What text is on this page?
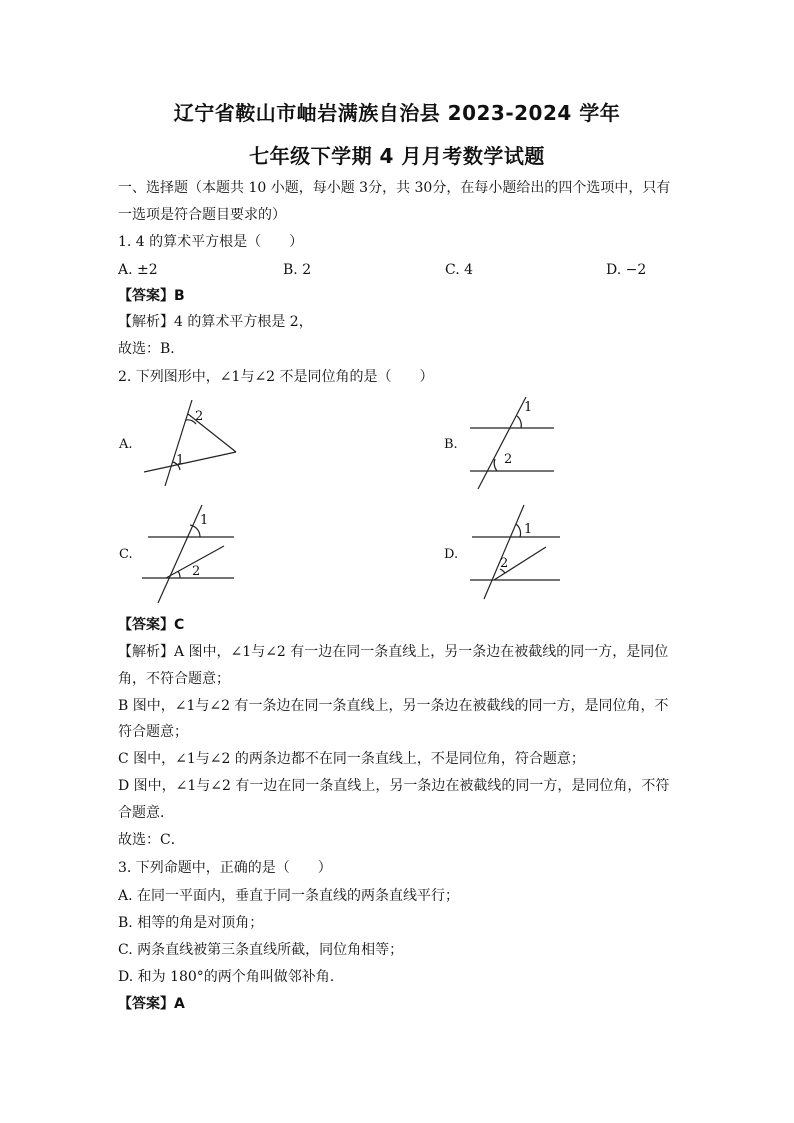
辽宁省鞍山市岫岩满族自治县 2023-2024 学年
七年级下学期 4 月月考数学试题
一、选择题（本题共 10 小题，每小题 3分，共 30分，在每小题给出的四个选项中，只有
一选项是符合题目要求的）
1. 4 的算术平方根是（　　）
A. ±2	B. 2	C. 4	D. −2
【答案】B
【解析】4 的算术平方根是 2，
故选：B．
2. 下列图形中，∠1与∠2 不是同位角的是（　　）
A.
2
1
B.
1
2
C.
1
2
D.
1
2
【答案】C
【解析】A 图中，∠1与∠2 有一边在同一条直线上，另一条边在被截线的同一方，是同位
角，不符合题意；
B 图中，∠1与∠2 有一条边在同一条直线上，另一条边在被截线的同一方，是同位角，不
符合题意；
C 图中，∠1与∠2 的两条边都不在同一条直线上，不是同位角，符合题意；
D 图中，∠1与∠2 有一边在同一条直线上，另一条边在被截线的同一方，是同位角，不符
合题意．
故选：C．
3. 下列命题中，正确的是（　　）
A. 在同一平面内，垂直于同一条直线的两条直线平行；
B. 相等的角是对顶角；
C. 两条直线被第三条直线所截，同位角相等；
D. 和为 180°的两个角叫做邻补角.
【答案】A
